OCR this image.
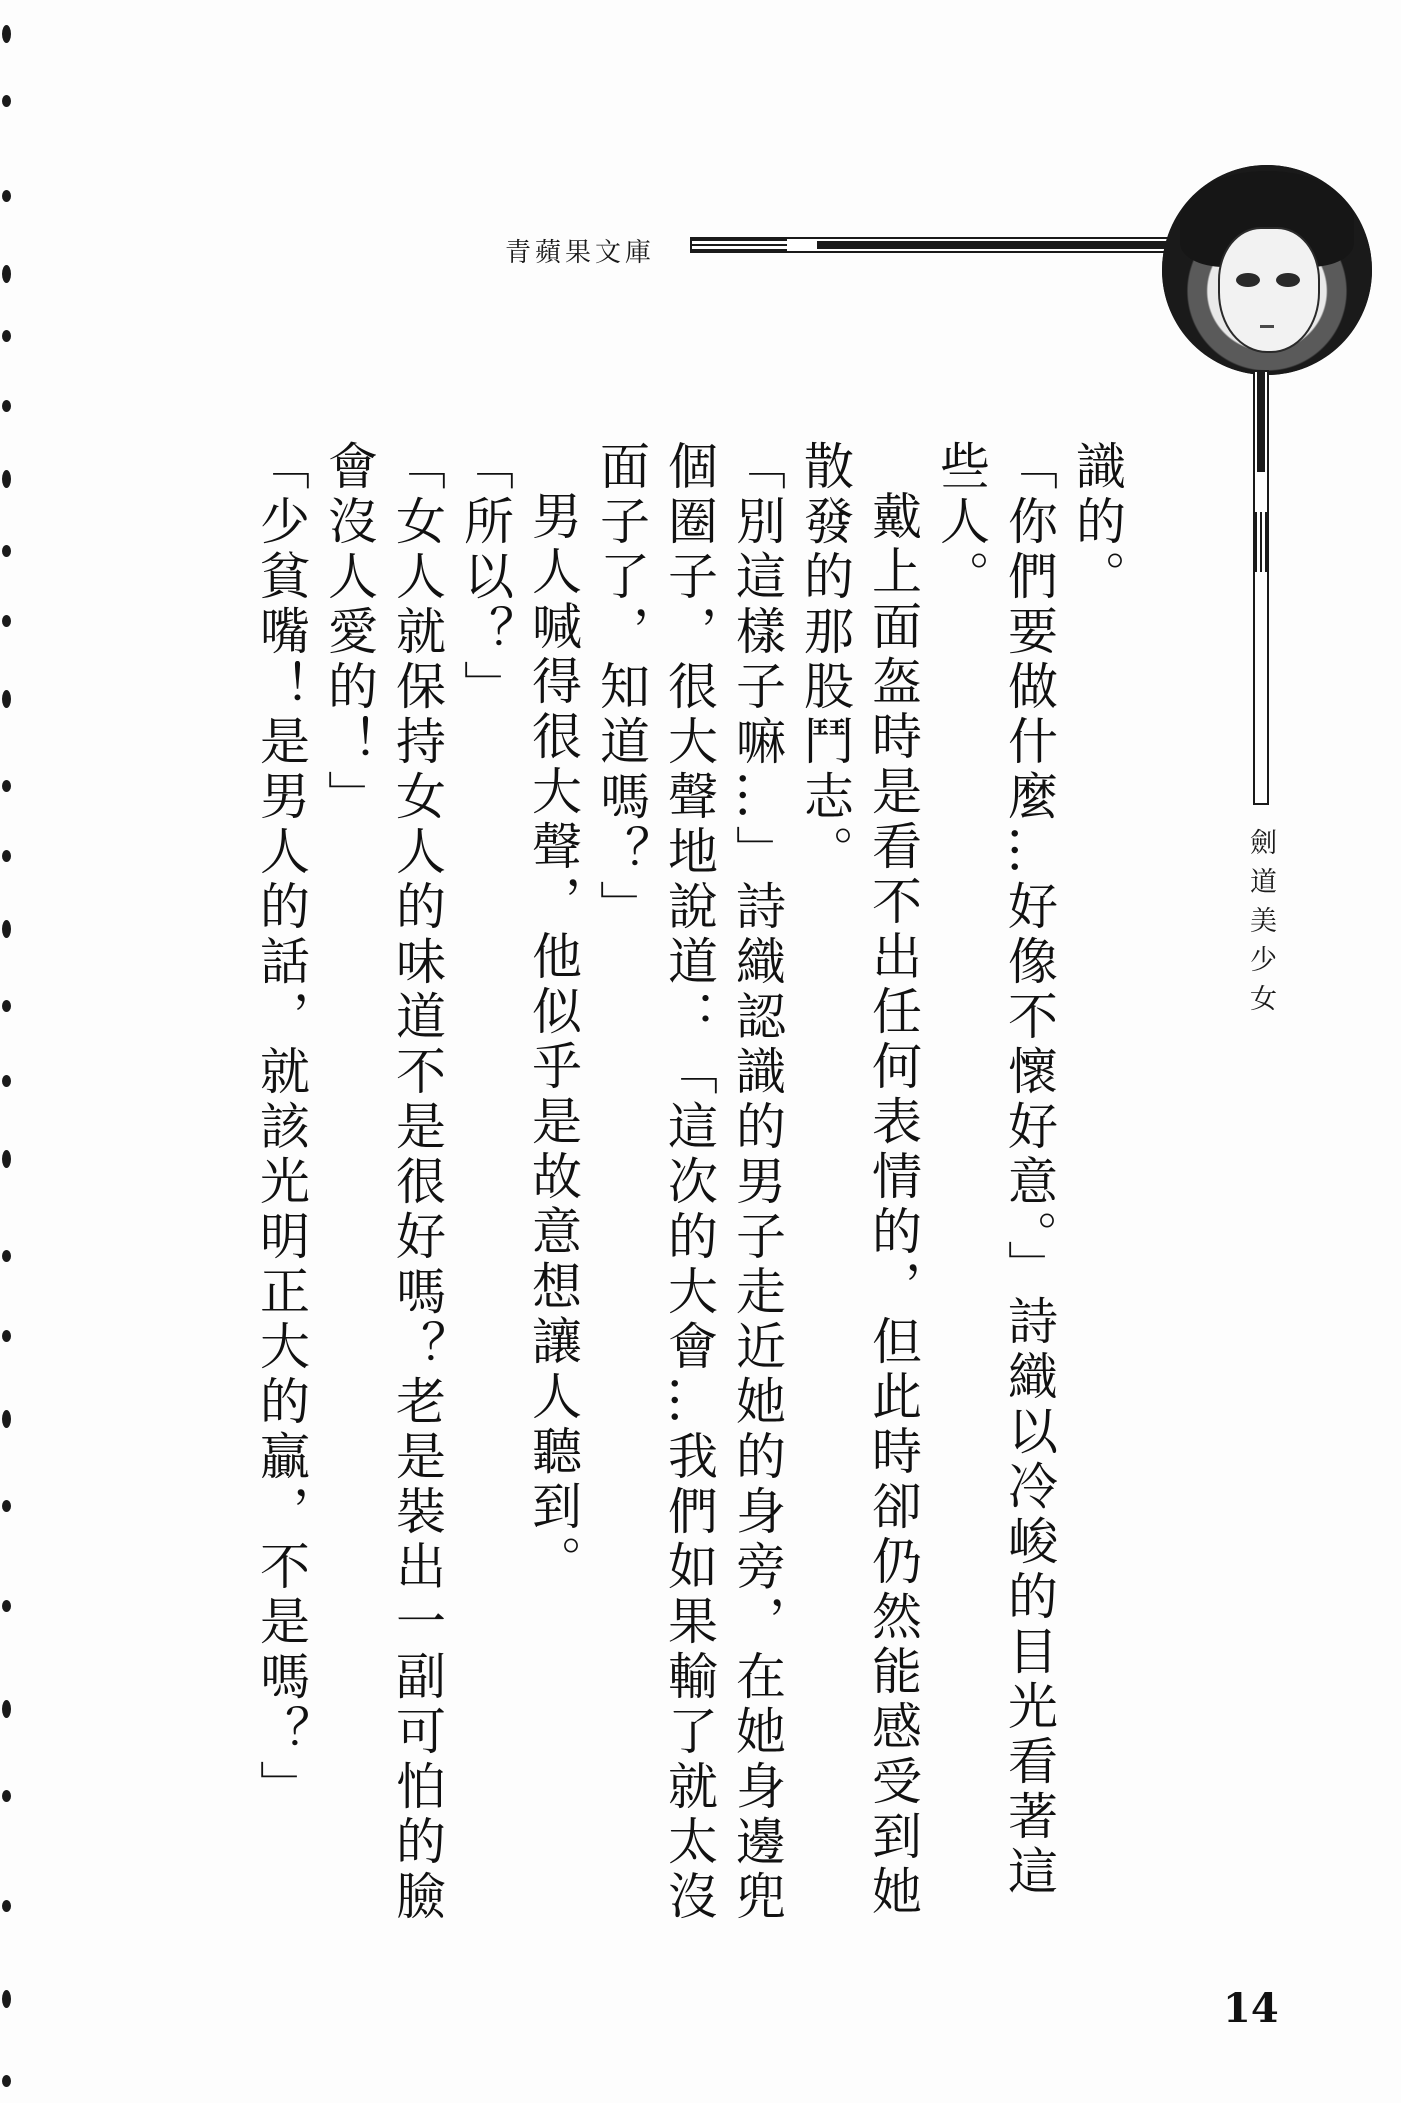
青蘋果文庫
劍道美少女

識的。

「你們要做什麼…好像不懷好意。」詩織以冷峻的目光看著這些人。

戴上面盔時是看不出任何表情的，但此時卻仍然能感受到她散發的那股鬥志。

「別這樣子嘛…」詩織認識的男子走近她的身旁，在她身邊兜個圈子，很大聲地說道：「這次的大會…我們如果輸了就太沒面子了，知道嗎？」

男人喊得很大聲，他似乎是故意想讓人聽到。

「所以？」

「女人就保持女人的味道不是很好嗎？老是裝出一副可怕的臉會沒人愛的！」

「少貧嘴！是男人的話，就該光明正大的贏，不是嗎？」

14
